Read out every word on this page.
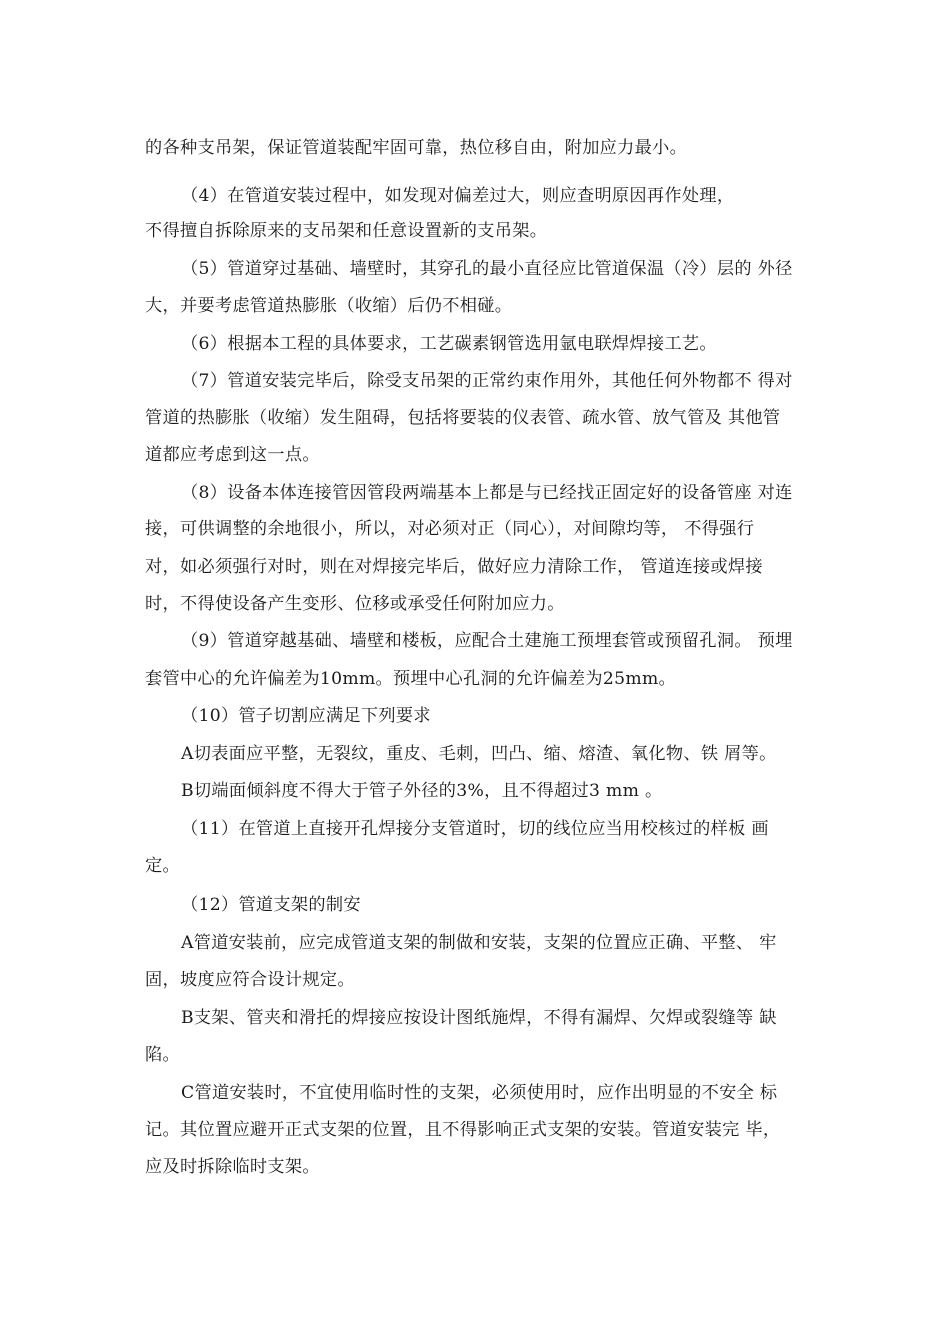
的各种支吊架，保证管道装配牢固可靠，热位移自由，附加应力最小。
（4）在管道安装过程中，如发现对偏差过大，则应查明原因再作处理，
不得擅自拆除原来的支吊架和任意设置新的支吊架。
（5）管道穿过基础、墙壁时，其穿孔的最小直径应比管道保温（冷）层的 外径
大，并要考虑管道热膨胀（收缩）后仍不相碰。
（6）根据本工程的具体要求，工艺碳素钢管选用氩电联焊焊接工艺。
（7）管道安装完毕后，除受支吊架的正常约束作用外，其他任何外物都不 得对
管道的热膨胀（收缩）发生阻碍，包括将要装的仪表管、疏水管、放气管及 其他管
道都应考虑到这一点。
（8）设备本体连接管因管段两端基本上都是与已经找正固定好的设备管座 对连
接，可供调整的余地很小，所以，对必须对正（同心），对间隙均等， 不得强行
对，如必须强行对时，则在对焊接完毕后，做好应力清除工作， 管道连接或焊接
时，不得使设备产生变形、位移或承受任何附加应力。
（9）管道穿越基础、墙壁和楼板，应配合土建施工预埋套管或预留孔洞。 预埋
套管中心的允许偏差为10mm。预埋中心孔洞的允许偏差为25mm。
（10）管子切割应满足下列要求
A切表面应平整，无裂纹，重皮、毛刺，凹凸、缩、熔渣、氧化物、铁 屑等。
B切端面倾斜度不得大于管子外径的3%，且不得超过3 mm 。
（11）在管道上直接开孔焊接分支管道时，切的线位应当用校核过的样板 画
定。
（12）管道支架的制安
A管道安装前，应完成管道支架的制做和安装，支架的位置应正确、平整、 牢
固，坡度应符合设计规定。
B支架、管夹和滑托的焊接应按设计图纸施焊，不得有漏焊、欠焊或裂缝等 缺
陷。
C管道安装时，不宜使用临时性的支架，必须使用时，应作出明显的不安全 标
记。其位置应避开正式支架的位置，且不得影响正式支架的安装。管道安装完 毕，
应及时拆除临时支架。
